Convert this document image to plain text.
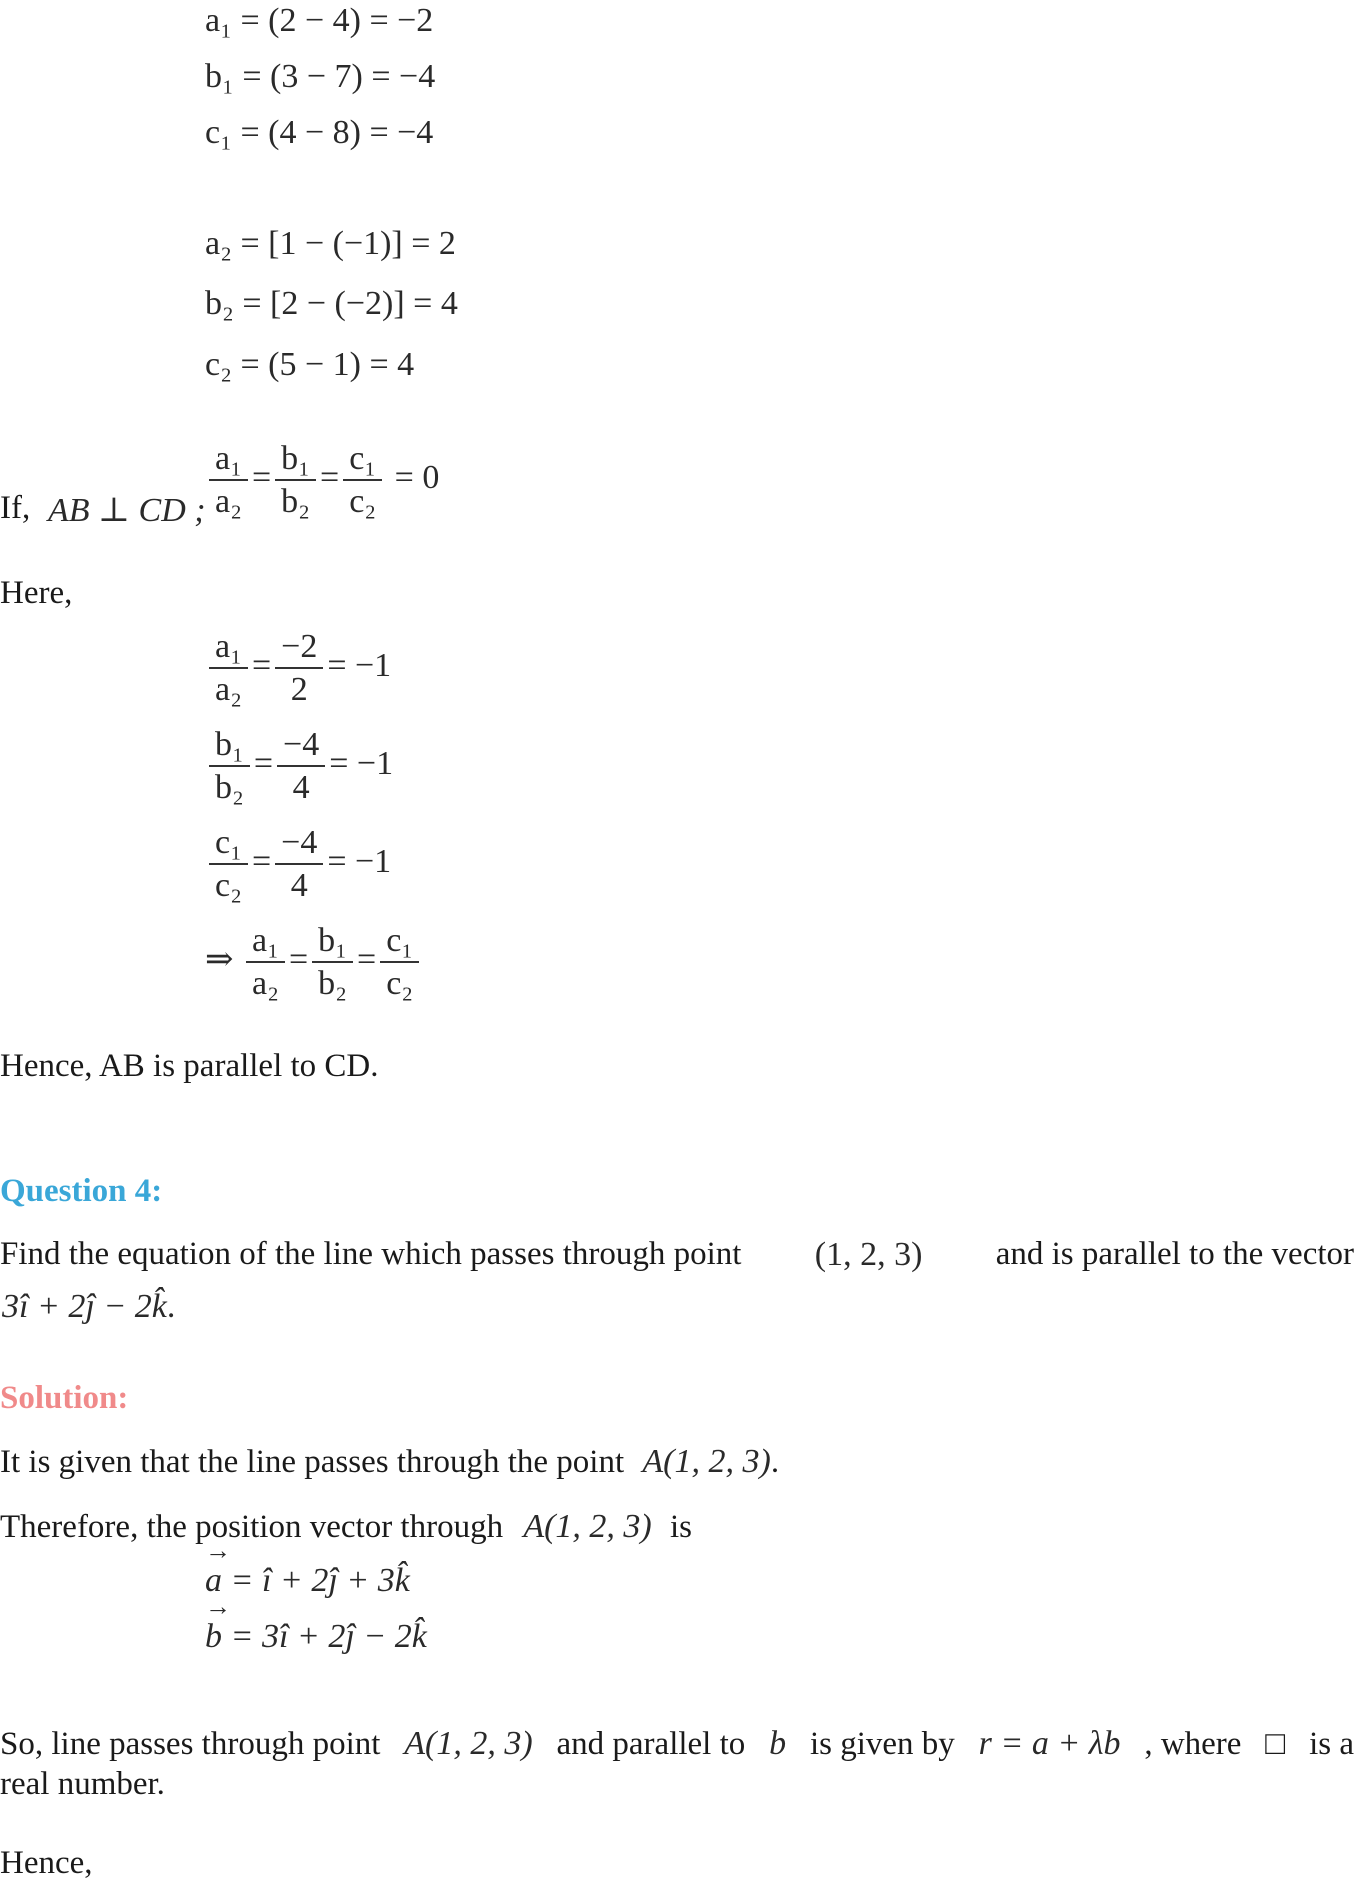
a₁ = (2 − 4) = −2
b₁ = (3 − 7) = −4
c₁ = (4 − 8) = −4
a₂ = [1 − (−1)] = 2
b₂ = [2 − (−2)] = 4
c₂ = (5 − 1) = 4
If, AB ⊥ CD ; $\frac{\text{a₁}}{\text{a₂}} = \frac{\text{b₁}}{\text{b₂}} = \frac{\text{c₁}}{\text{c₂}} = 0$
Here,
$\frac{\text{a₁}}{\text{a₂}} = \frac{-2}{2} = -1$
$\frac{\text{b₁}}{\text{b₂}} = \frac{-4}{4} = -1$
$\frac{\text{c₁}}{\text{c₂}} = \frac{-4}{4} = -1$
⇒ $\frac{\text{a₁}}{\text{a₂}} = \frac{\text{b₁}}{\text{b₂}} = \frac{\text{c₁}}{\text{c₂}}$
Hence, AB is parallel to CD.
Question 4:
Find the equation of the line which passes through point (1, 2, 3) and is parallel to the vector
3î + 2ĵ − 2k̂.
Solution:
It is given that the line passes through the point A(1, 2, 3).
Therefore, the position vector through A(1, 2, 3) is
→ a = î + 2ĵ + 3k̂
→ b = 3î + 2ĵ − 2k̂
So, line passes through point A(1, 2, 3) and parallel to b is given by r = a + λb , where □ is a
real number.
Hence,
